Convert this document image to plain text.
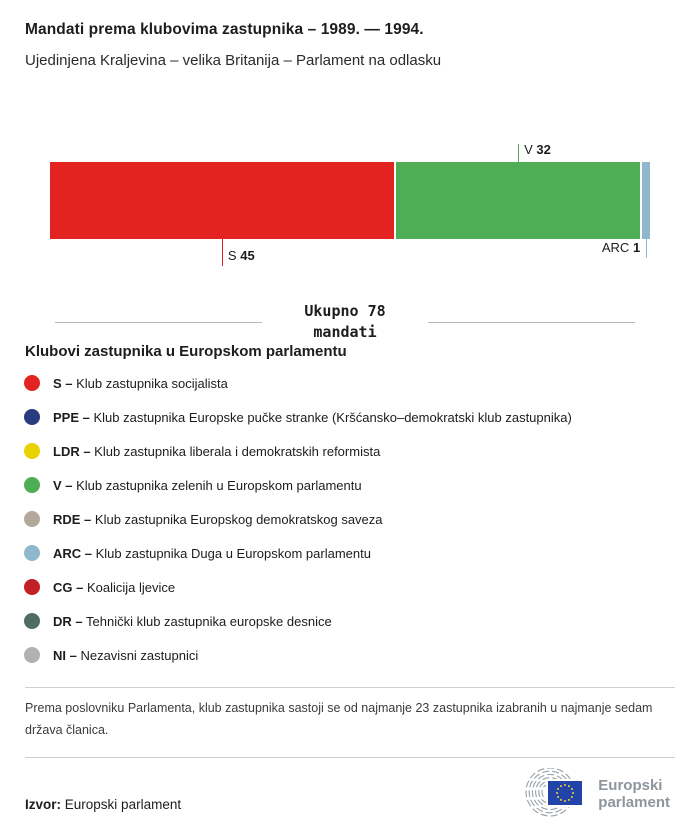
Mandati prema klubovima zastupnika – 1989. — 1994.
Ujedinjena Kraljevina – velika Britanija – Parlament na odlasku
S 45
V 32
ARC 1
Ukupno 78
mandati
Klubovi zastupnika u Europskom parlamentu
S – Klub zastupnika socijalista
PPE – Klub zastupnika Europske pučke stranke (Kršćansko–demokratski klub zastupnika)
LDR – Klub zastupnika liberala i demokratskih reformista
V – Klub zastupnika zelenih u Europskom parlamentu
RDE – Klub zastupnika Europskog demokratskog saveza
ARC – Klub zastupnika Duga u Europskom parlamentu
CG – Koalicija ljevice
DR – Tehnički klub zastupnika europske desnice
NI – Nezavisni zastupnici

Prema poslovniku Parlamenta, klub zastupnika sastoji se od najmanje 23 zastupnika izabranih u najmanje sedam država članica.

Izvor: Europski parlament

Europski
parlament
